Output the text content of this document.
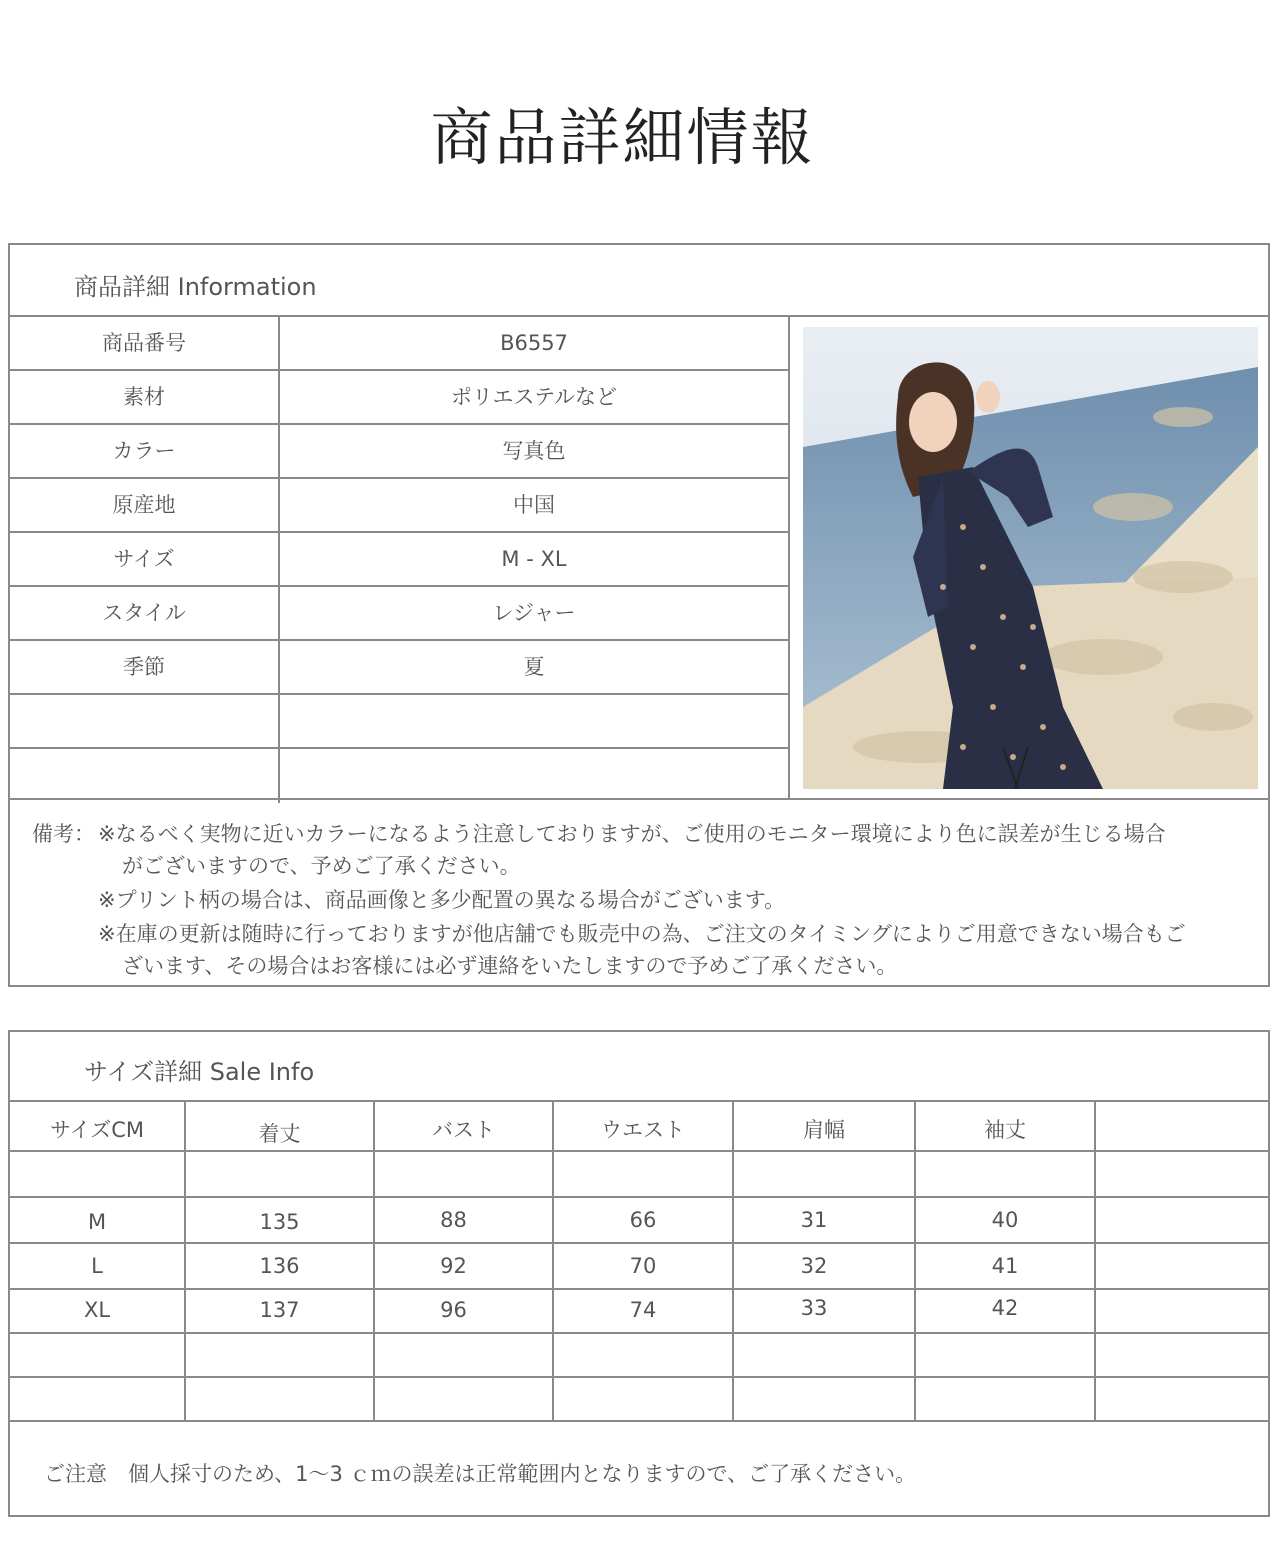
商品詳細情報
商品詳細 Information
商品番号	B6557
素材	ポリエステルなど
カラー	写真色
原産地	中国
サイズ	M - XL
スタイル	レジャー
季節	夏
備考： ※なるべく実物に近いカラーになるよう注意しておりますが、ご使用のモニター環境により色に誤差が生じる場合
がございますので、予めご了承ください。
※プリント柄の場合は、商品画像と多少配置の異なる場合がございます。
※在庫の更新は随時に行っておりますが他店舗でも販売中の為、ご注文のタイミングによりご用意できない場合もご
ざいます、その場合はお客様には必ず連絡をいたしますので予めご了承ください。
サイズ詳細 Sale Info
サイズCM	着丈	バスト	ウエスト	肩幅	袖丈
M	135	88	66	31	40
L	136	92	70	32	41
XL	137	96	74	33	42
ご注意　個人採寸のため、1～3 ｃｍの誤差は正常範囲内となりますので、ご了承ください。
